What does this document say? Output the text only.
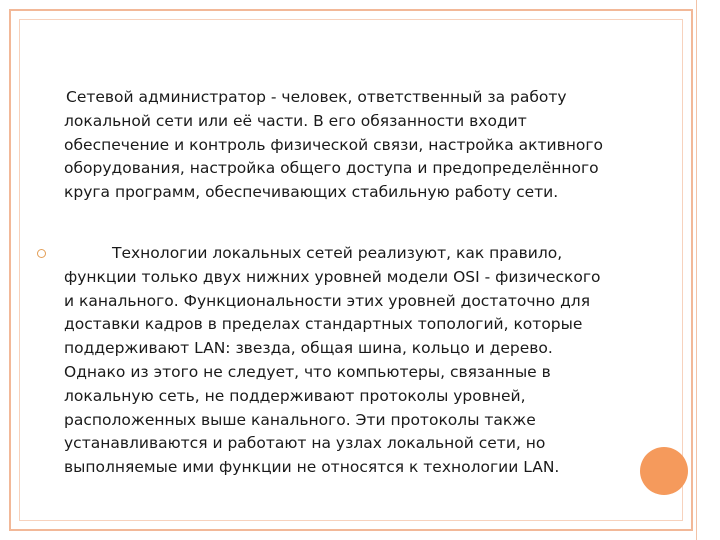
Сетевой администратор - человек, ответственный за работу
локальной сети или её части. В его обязанности входит
обеспечение и контроль физической связи, настройка активного
оборудования, настройка общего доступа и предопределённого
круга программ, обеспечивающих стабильную работу сети.
Технологии локальных сетей реализуют, как правило,
функции только двух нижних уровней модели OSI - физического
и канального. Функциональности этих уровней достаточно для
доставки кадров в пределах стандартных топологий, которые
поддерживают LAN: звезда, общая шина, кольцо и дерево.
Однако из этого не следует, что компьютеры, связанные в
локальную сеть, не поддерживают протоколы уровней,
расположенных выше канального. Эти протоколы также
устанавливаются и работают на узлах локальной сети, но
выполняемые ими функции не относятся к технологии LAN.
